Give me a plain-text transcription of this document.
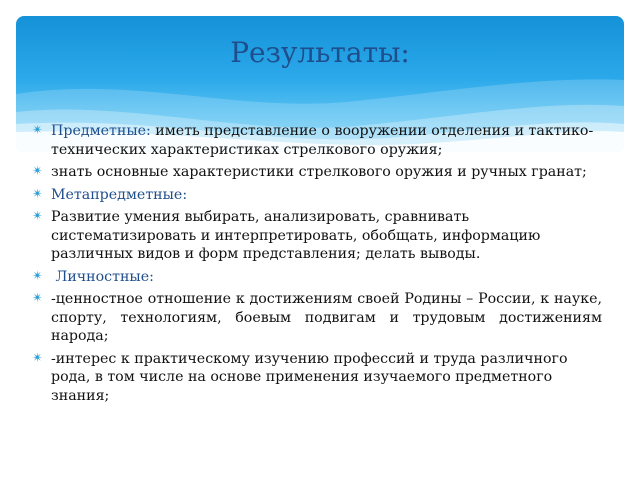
Результаты:
✴ Предметные: иметь представление о вооружении отделения и тактико-технических характеристиках стрелкового оружия;
✴ знать основные характеристики стрелкового оружия и ручных гранат;
✴ Метапредметные:
✴ Развитие умения выбирать, анализировать, сравнивать систематизировать и интерпретировать, обобщать, информацию различных видов и форм представления; делать выводы.
✴ Личностные:
✴ -ценностное отношение к достижениям своей Родины – России, к науке, спорту, технологиям, боевым подвигам и трудовым достижениям народа;
✴ -интерес к практическому изучению профессий и труда различного рода, в том числе на основе применения изучаемого предметного знания;
